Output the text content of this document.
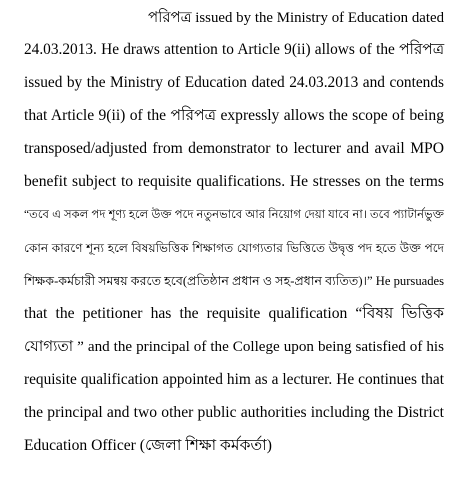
পরিপত্র issued by the Ministry of Education dated
24.03.2013. He draws attention to Article 9(ii) allows of the পরিপত্র
issued by the Ministry of Education dated 24.03.2013 and contends
that Article 9(ii) of the পরিপত্র expressly allows the scope of being
transposed/adjusted from demonstrator to lecturer and avail MPO
benefit subject to requisite qualifications. He stresses on the terms
“তবে এ সকল পদ শূণ্য হলে উক্ত পদে নতুনভাবে আর নিয়োগ দেয়া যাবে না। তবে প্যাটার্নভুক্ত
কোন কারণে শূন্য হলে বিষয়ভিত্তিক শিক্ষাগত যোগ্যতার ভিত্তিতে উদ্বৃত্ত পদ হতে উক্ত পদে
শিক্ষক-কর্মচারী সমন্বয় করতে হবে(প্রতিষ্ঠান প্রধান ও সহ-প্রধান ব্যতিত)।” He pursuades
that the petitioner has the requisite qualification “বিষয় ভিত্তিক
যোগ্যতা ” and the principal of the College upon being satisfied of his
requisite qualification appointed him as a lecturer. He continues that
the principal and two other public authorities including the District
Education Officer (জেলা শিক্ষা কর্মকর্তা)
